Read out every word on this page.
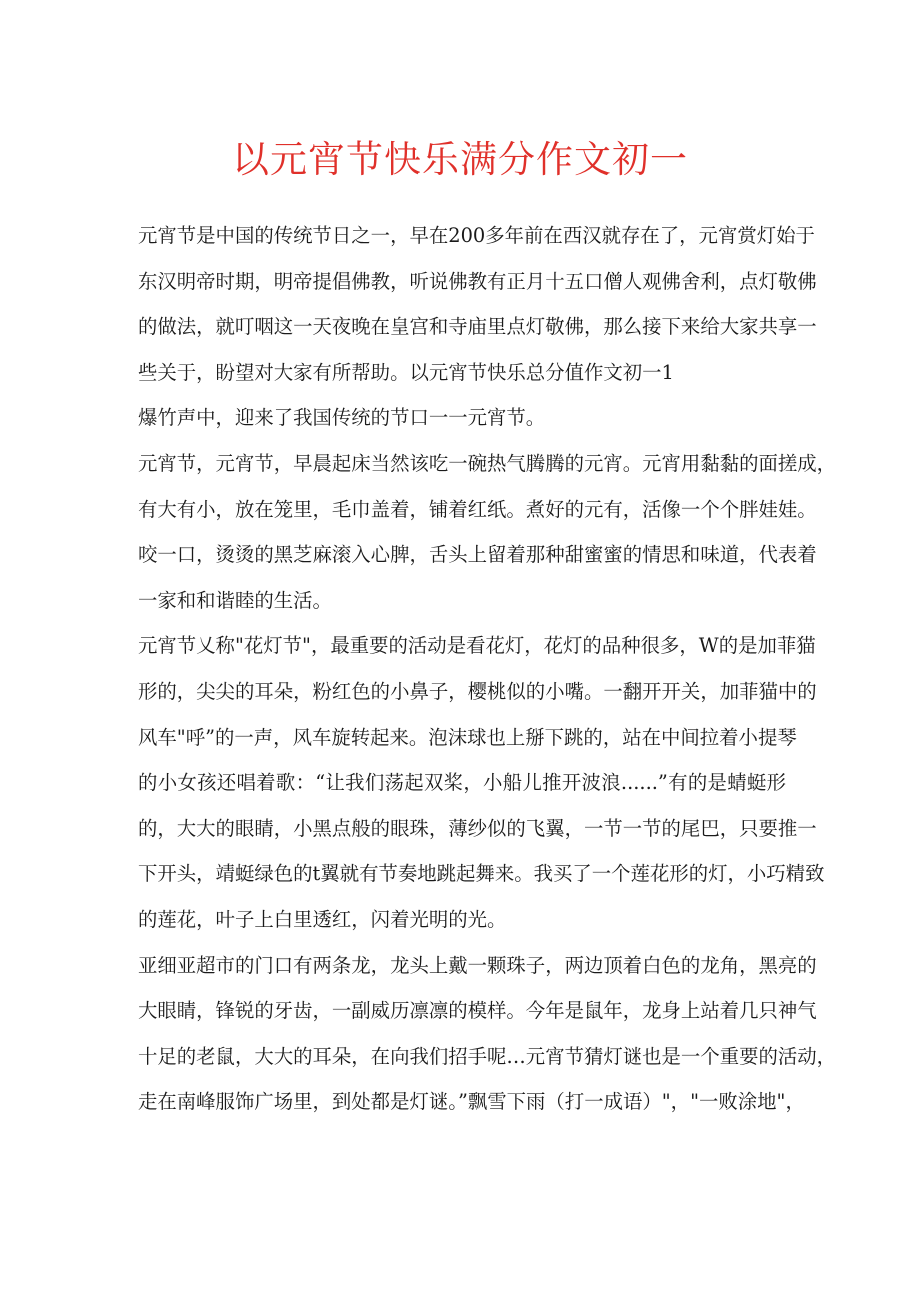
以元宵节快乐满分作文初一
元宵节是中国的传统节日之一，早在200多年前在西汉就存在了，元宵赏灯始于
东汉明帝时期，明帝提倡佛教，听说佛教有正月十五口僧人观佛舍利，点灯敬佛
的做法，就叮咽这一天夜晚在皇宫和寺庙里点灯敬佛，那么接下来给大家共享一
些关于，盼望对大家有所帮助。以元宵节快乐总分值作文初一1
爆竹声中，迎来了我国传统的节口一一元宵节。
元宵节，元宵节，早晨起床当然该吃一碗热气腾腾的元宵。元宵用黏黏的面搓成，
有大有小，放在笼里，毛巾盖着，铺着红纸。煮好的元有，活像一个个胖娃娃。
咬一口，烫烫的黑芝麻滚入心脾，舌头上留着那种甜蜜蜜的情思和味道，代表着
一家和和谐睦的生活。
元宵节乂称"花灯节"，最重要的活动是看花灯，花灯的品种很多，W的是加菲猫
形的，尖尖的耳朵，粉红色的小鼻子，樱桃似的小嘴。一翻开开关，加菲猫中的
风车"呼”的一声，风车旋转起来。泡沫球也上掰下跳的，站在中间拉着小提琴
的小女孩还唱着歌：“让我们荡起双桨，小船儿推开波浪......”有的是蜻蜓形
的，大大的眼睛，小黑点般的眼珠，薄纱似的飞翼，一节一节的尾巴，只要推一
下开头，靖蜓绿色的t翼就有节奏地跳起舞来。我买了一个莲花形的灯，小巧精致
的莲花，叶子上白里透红，闪着光明的光。
亚细亚超市的门口有两条龙，龙头上戴一颗珠子，两边顶着白色的龙角，黑亮的
大眼睛，锋锐的牙齿，一副威历凛凛的模样。今年是鼠年，龙身上站着几只神气
十足的老鼠，大大的耳朵，在向我们招手呢…元宵节猜灯谜也是一个重要的活动，
走在南峰服饰广场里，到处都是灯谜。”飘雪下雨（打一成语）"，"一败涂地"，
